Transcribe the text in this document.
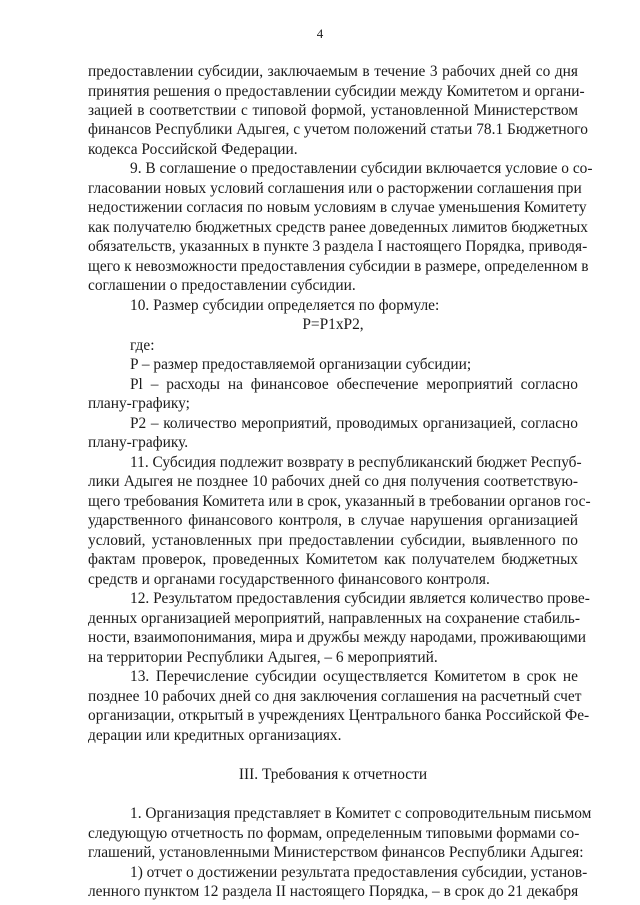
4
предоставлении субсидии, заключаемым в течение 3 рабочих дней со дня
принятия решения о предоставлении субсидии между Комитетом и органи-
зацией в соответствии с типовой формой, установленной Министерством
финансов Республики Адыгея, с учетом положений статьи 78.1 Бюджетного
кодекса Российской Федерации.
9. В соглашение о предоставлении субсидии включается условие о со-
гласовании новых условий соглашения или о расторжении соглашения при
недостижении согласия по новым условиям в случае уменьшения Комитету
как получателю бюджетных средств ранее доведенных лимитов бюджетных
обязательств, указанных в пункте 3 раздела I настоящего Порядка, приводя-
щего к невозможности предоставления субсидии в размере, определенном в
соглашении о предоставлении субсидии.
10. Размер субсидии определяется по формуле:
P=P1xP2,
где:
P – размер предоставляемой организации субсидии;
Pl – расходы на финансовое обеспечение мероприятий согласно
плану-графику;
P2 – количество мероприятий, проводимых организацией, согласно
плану-графику.
11. Субсидия подлежит возврату в республиканский бюджет Респуб-
лики Адыгея не позднее 10 рабочих дней со дня получения соответствую-
щего требования Комитета или в срок, указанный в требовании органов гос-
ударственного финансового контроля, в случае нарушения организацией
условий, установленных при предоставлении субсидии, выявленного по
фактам проверок, проведенных Комитетом как получателем бюджетных
средств и органами государственного финансового контроля.
12. Результатом предоставления субсидии является количество прове-
денных организацией мероприятий, направленных на сохранение стабиль-
ности, взаимопонимания, мира и дружбы между народами, проживающими
на территории Республики Адыгея, – 6 мероприятий.
13. Перечисление субсидии осуществляется Комитетом в срок не
позднее 10 рабочих дней со дня заключения соглашения на расчетный счет
организации, открытый в учреждениях Центрального банка Российской Фе-
дерации или кредитных организациях.
III. Требования к отчетности
1. Организация представляет в Комитет с сопроводительным письмом
следующую отчетность по формам, определенным типовыми формами со-
глашений, установленными Министерством финансов Республики Адыгея:
1) отчет о достижении результата предоставления субсидии, установ-
ленного пунктом 12 раздела II настоящего Порядка, – в срок до 21 декабря
